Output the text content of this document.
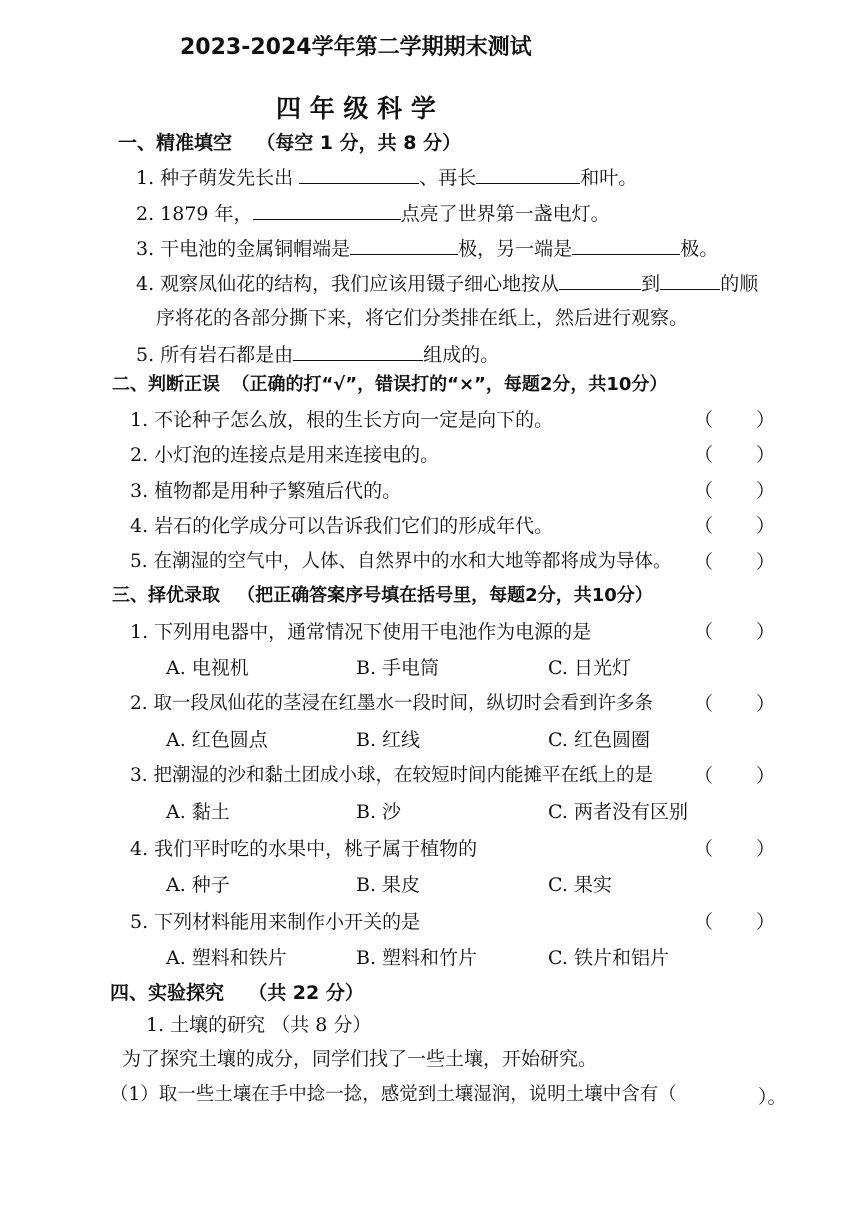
2023-2024学年第二学期期末测试
四 年 级 科 学
一、精准填空 （每空 1 分，共 8 分）
1. 种子萌发先长出	、再长	和叶。
2. 1879 年，	点亮了世界第一盏电灯。
3. 干电池的金属铜帽端是	极，另一端是	极。
4. 观察凤仙花的结构，我们应该用镊子细心地按从	到	的顺
序将花的各部分撕下来，将它们分类排在纸上，然后进行观察。
5. 所有岩石都是由	组成的。
二、判断正误 （正确的打“√”，错误打的“×”，每题2分，共10分）
1. 不论种子怎么放，根的生长方向一定是向下的。	（ ）
2. 小灯泡的连接点是用来连接电的。	（ ）
3. 植物都是用种子繁殖后代的。	（ ）
4. 岩石的化学成分可以告诉我们它们的形成年代。	（ ）
5. 在潮湿的空气中，人体、自然界中的水和大地等都将成为导体。 （ ）
三、择优录取 （把正确答案序号填在括号里，每题2分，共10分）
1. 下列用电器中，通常情况下使用干电池作为电源的是	（ ）
A. 电视机	B. 手电筒	C. 日光灯
2. 取一段凤仙花的茎浸在红墨水一段时间，纵切时会看到许多条 （ ）
A. 红色圆点	B. 红线	C. 红色圆圈
3. 把潮湿的沙和黏土团成小球，在较短时间内能摊平在纸上的是 （ ）
A. 黏土	B. 沙	C. 两者没有区别
4. 我们平时吃的水果中，桃子属于植物的	（ ）
A. 种子	B. 果皮	C. 果实
5. 下列材料能用来制作小开关的是	（ ）
A. 塑料和铁片	B. 塑料和竹片	C. 铁片和铝片
四、实验探究 （共 22 分）
1. 土壤的研究 （共 8 分）
为了探究土壤的成分，同学们找了一些土壤，开始研究。
（1）取一些土壤在手中捻一捻，感觉到土壤湿润，说明土壤中含有（	）。
